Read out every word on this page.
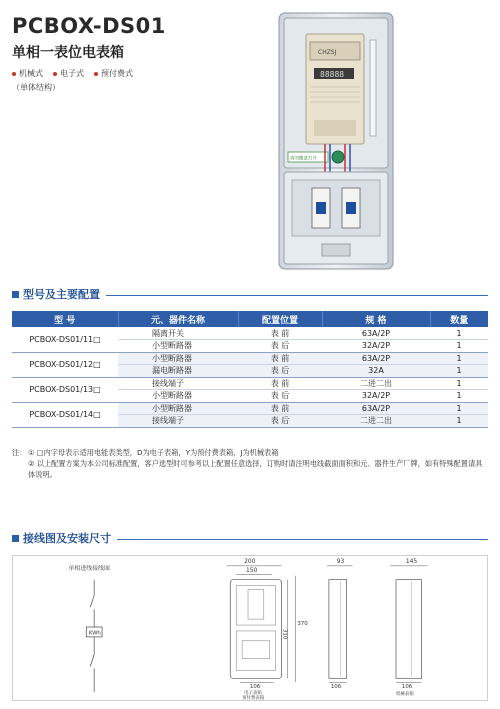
PCBOX-DS01
单相一表位电表箱
机械式 电子式 预付费式
（单体结构）
CHZSJ
88888
请勿随意打开
型号及主要配置
型 号	元、器件名称	配置位置	规 格	数量
PCBOX-DS01/11□	隔离开关	表 前	63A/2P	1
	小型断路器	表 后	32A/2P	1
PCBOX-DS01/12□	小型断路器	表 前	63A/2P	1
	漏电断路器	表 后	32A	1
PCBOX-DS01/13□	接线端子	表 前	二进二出	1
	小型断路器	表 后	32A/2P	1
PCBOX-DS01/14□	小型断路器	表 前	63A/2P	1
	接线端子	表 后	二进二出	1
注： ① □内字母表示适用电能表类型，D为电子表箱，Y为预付费表箱，J为机械表箱
② 以上配置方案为本公司标准配置，客户选型时可参考以上配置任意选择，订购时请注明电线截面面积和元、器件生产厂牌，如有特殊配置请具体说明。
接线图及安装尺寸
单相进线接线图
KWh
200
150
310
370
106
电子表箱
预付费表箱
93
106
145
106
机械表箱
